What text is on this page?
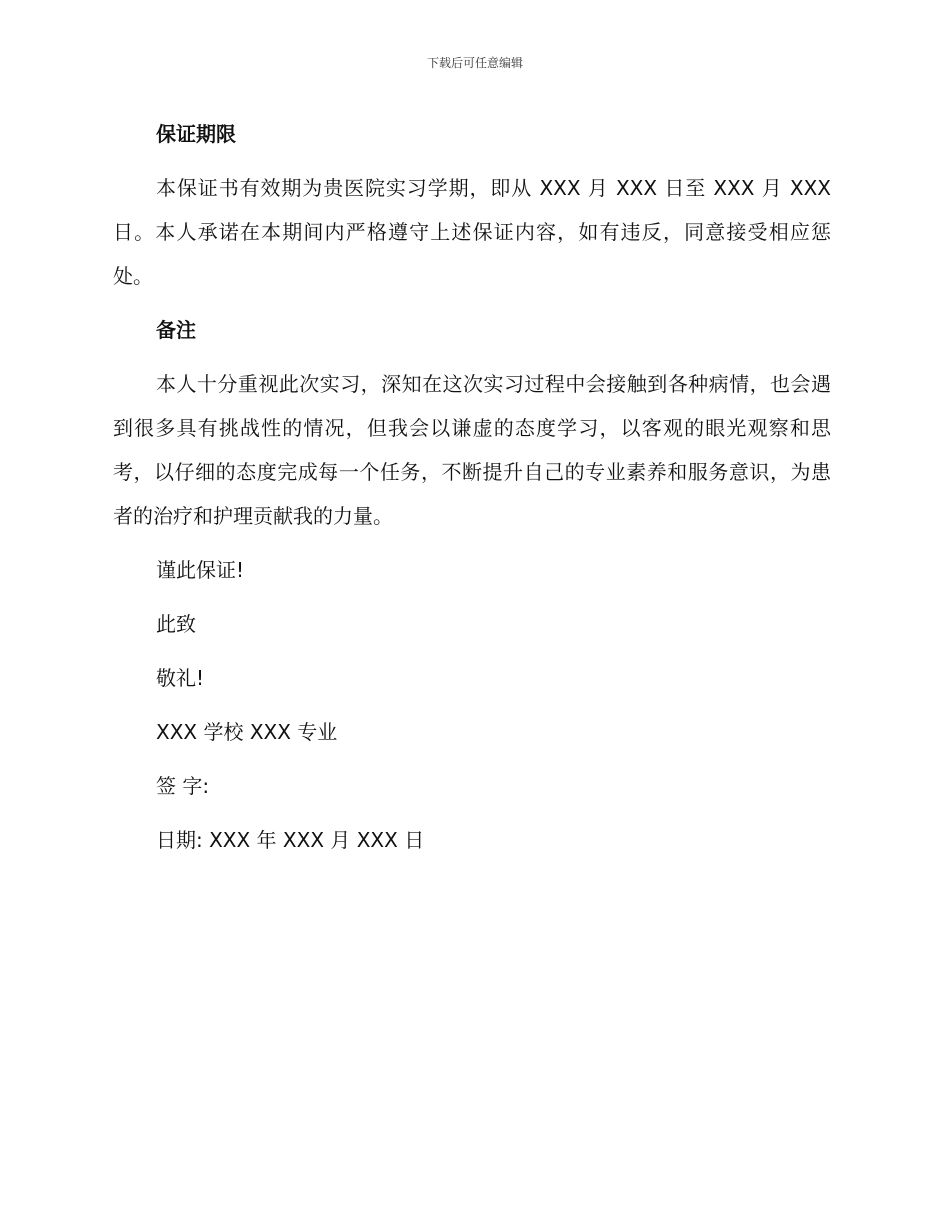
下载后可任意编辑
保证期限
本保证书有效期为贵医院实习学期，即从 XXX 月 XXX 日至 XXX 月 XXX 日。本人承诺在本期间内严格遵守上述保证内容，如有违反，同意接受相应惩处。
备注
本人十分重视此次实习，深知在这次实习过程中会接触到各种病情，也会遇到很多具有挑战性的情况，但我会以谦虚的态度学习，以客观的眼光观察和思考，以仔细的态度完成每一个任务，不断提升自己的专业素养和服务意识，为患者的治疗和护理贡献我的力量。
谨此保证!
此致
敬礼!
XXX 学校 XXX 专业
签 字:
日期: XXX 年 XXX 月 XXX 日
